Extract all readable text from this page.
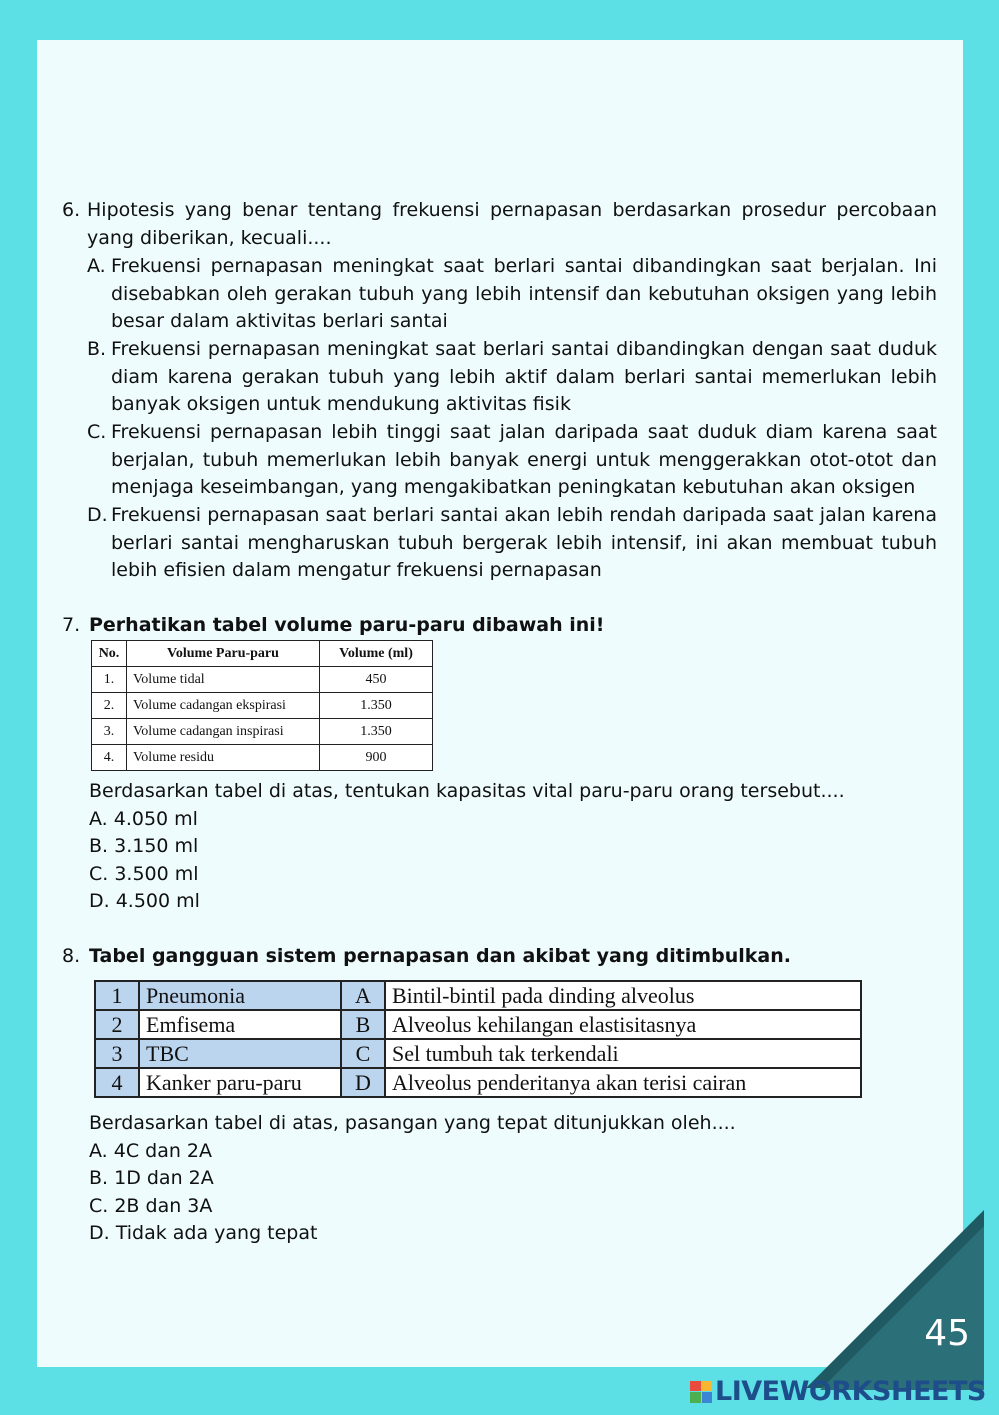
6. Hipotesis yang benar tentang frekuensi pernapasan berdasarkan prosedur percobaan yang diberikan, kecuali....
A. Frekuensi pernapasan meningkat saat berlari santai dibandingkan saat berjalan. Ini disebabkan oleh gerakan tubuh yang lebih intensif dan kebutuhan oksigen yang lebih besar dalam aktivitas berlari santai
B. Frekuensi pernapasan meningkat saat berlari santai dibandingkan dengan saat duduk diam karena gerakan tubuh yang lebih aktif dalam berlari santai memerlukan lebih banyak oksigen untuk mendukung aktivitas fisik
C. Frekuensi pernapasan lebih tinggi saat jalan daripada saat duduk diam karena saat berjalan, tubuh memerlukan lebih banyak energi untuk menggerakkan otot-otot dan menjaga keseimbangan, yang mengakibatkan peningkatan kebutuhan akan oksigen
D. Frekuensi pernapasan saat berlari santai akan lebih rendah daripada saat jalan karena berlari santai mengharuskan tubuh bergerak lebih intensif, ini akan membuat tubuh lebih efisien dalam mengatur frekuensi pernapasan
7. Perhatikan tabel volume paru-paru dibawah ini!
No.	Volume Paru-paru	Volume (ml)
1.	Volume tidal	450
2.	Volume cadangan ekspirasi	1.350
3.	Volume cadangan inspirasi	1.350
4.	Volume residu	900
Berdasarkan tabel di atas, tentukan kapasitas vital paru-paru orang tersebut....
A. 4.050 ml
B. 3.150 ml
C. 3.500 ml
D. 4.500 ml
8. Tabel gangguan sistem pernapasan dan akibat yang ditimbulkan.
1	Pneumonia	A	Bintil-bintil pada dinding alveolus
2	Emfisema	B	Alveolus kehilangan elastisitasnya
3	TBC	C	Sel tumbuh tak terkendali
4	Kanker paru-paru	D	Alveolus penderitanya akan terisi cairan
Berdasarkan tabel di atas, pasangan yang tepat ditunjukkan oleh....
A. 4C dan 2A
B. 1D dan 2A
C. 2B dan 3A
D. Tidak ada yang tepat
45
LIVEWORKSHEETS
